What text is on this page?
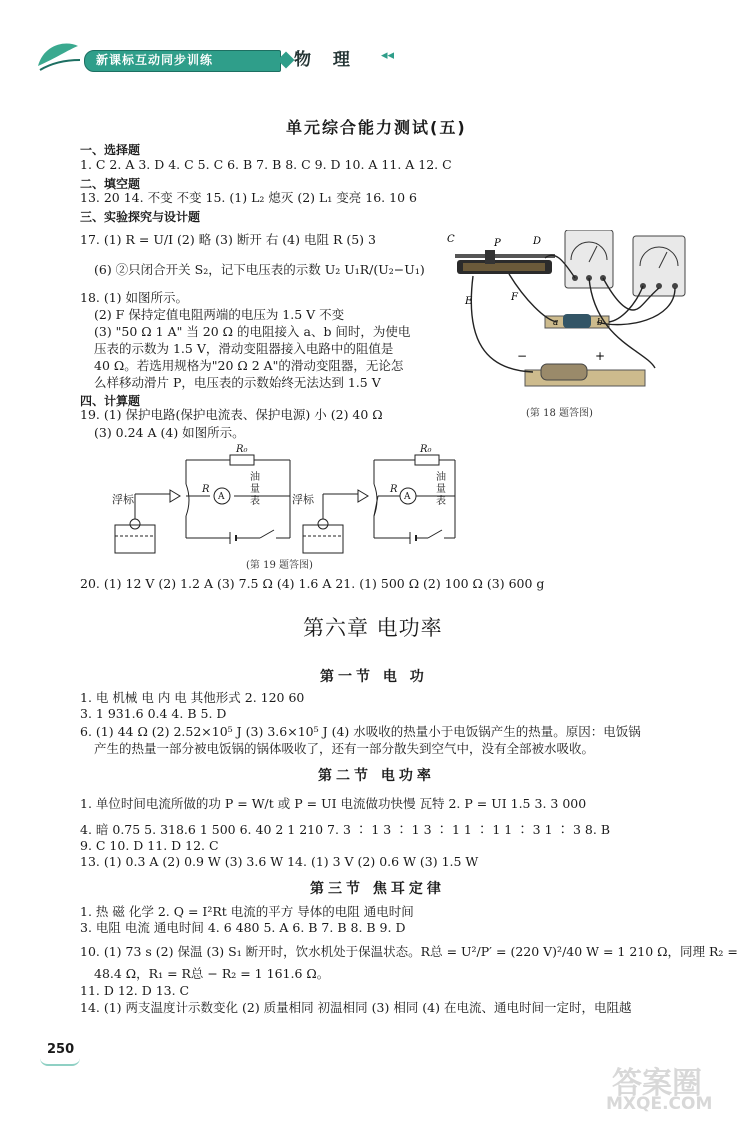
新课标互动同步训练	物 理 ◂◂
单元综合能力测试(五)
一、选择题
1. C 2. A 3. D 4. C 5. C 6. B 7. B 8. C 9. D 10. A 11. A 12. C
二、填空题
13. 20 14. 不变 不变 15. (1) L₂ 熄灭 (2) L₁ 变亮 16. 10 6
三、实验探究与设计题
17. (1) R = U/I (2) 略 (3) 断开 右 (4) 电阻 R (5) 3
(6) ②只闭合开关 S₂，记下电压表的示数 U₂ U₁R/(U₂−U₁)
18. (1) 如图所示。
(2) F 保持定值电阻两端的电压为 1.5 V 不变
(3) "50 Ω 1 A" 当 20 Ω 的电阻接入 a、b 间时，为使电
压表的示数为 1.5 V，滑动变阻器接入电路中的阻值是
40 Ω。若选用规格为"20 Ω 2 A"的滑动变阻器，无论怎
么样移动滑片 P，电压表的示数始终无法达到 1.5 V
四、计算题
19. (1) 保护电路(保护电流表、保护电源) 小 (2) 40 Ω
(3) 0.24 A (4) 如图所示。
C	D
E	F
P
a	b
−	+
(第 18 题答图)
浮标	浮标
R₀	R₀
R	R
A	A
油量表
油量表
(第 19 题答图)
20. (1) 12 V (2) 1.2 A (3) 7.5 Ω (4) 1.6 A 21. (1) 500 Ω (2) 100 Ω (3) 600 g
第六章 电功率
第一节 电 功
1. 电 机械 电 内 电 其他形式 2. 120 60
3. 1 931.6 0.4 4. B 5. D
6. (1) 44 Ω (2) 2.52×10⁵ J (3) 3.6×10⁵ J (4) 水吸收的热量小于电饭锅产生的热量。原因：电饭锅
产生的热量一部分被电饭锅的锅体吸收了，还有一部分散失到空气中，没有全部被水吸收。
第二节 电功率
1. 单位时间电流所做的功 P = W/t 或 P = UI 电流做功快慢 瓦特 2. P = UI 1.5 3. 3 000
4. 暗 0.75 5. 318.6 1 500 6. 40 2 1 210 7. 3 ∶ 1 3 ∶ 1 3 ∶ 1 1 ∶ 1 1 ∶ 3 1 ∶ 3 8. B
9. C 10. D 11. D 12. C
13. (1) 0.3 A (2) 0.9 W (3) 3.6 W 14. (1) 3 V (2) 0.6 W (3) 1.5 W
第三节 焦耳定律
1. 热 磁 化学 2. Q = I²Rt 电流的平方 导体的电阻 通电时间
3. 电阻 电流 通电时间 4. 6 480 5. A 6. B 7. B 8. B 9. D
10. (1) 73 s (2) 保温 (3) S₁ 断开时，饮水机处于保温状态。R总 = U²/P′ = (220 V)²/40 W = 1 210 Ω，同理 R₂ =
48.4 Ω，R₁ = R总 − R₂ = 1 161.6 Ω。
11. D 12. D 13. C
14. (1) 两支温度计示数变化 (2) 质量相同 初温相同 (3) 相同 (4) 在电流、通电时间一定时，电阻越
250
答案圈
MXQE.COM
